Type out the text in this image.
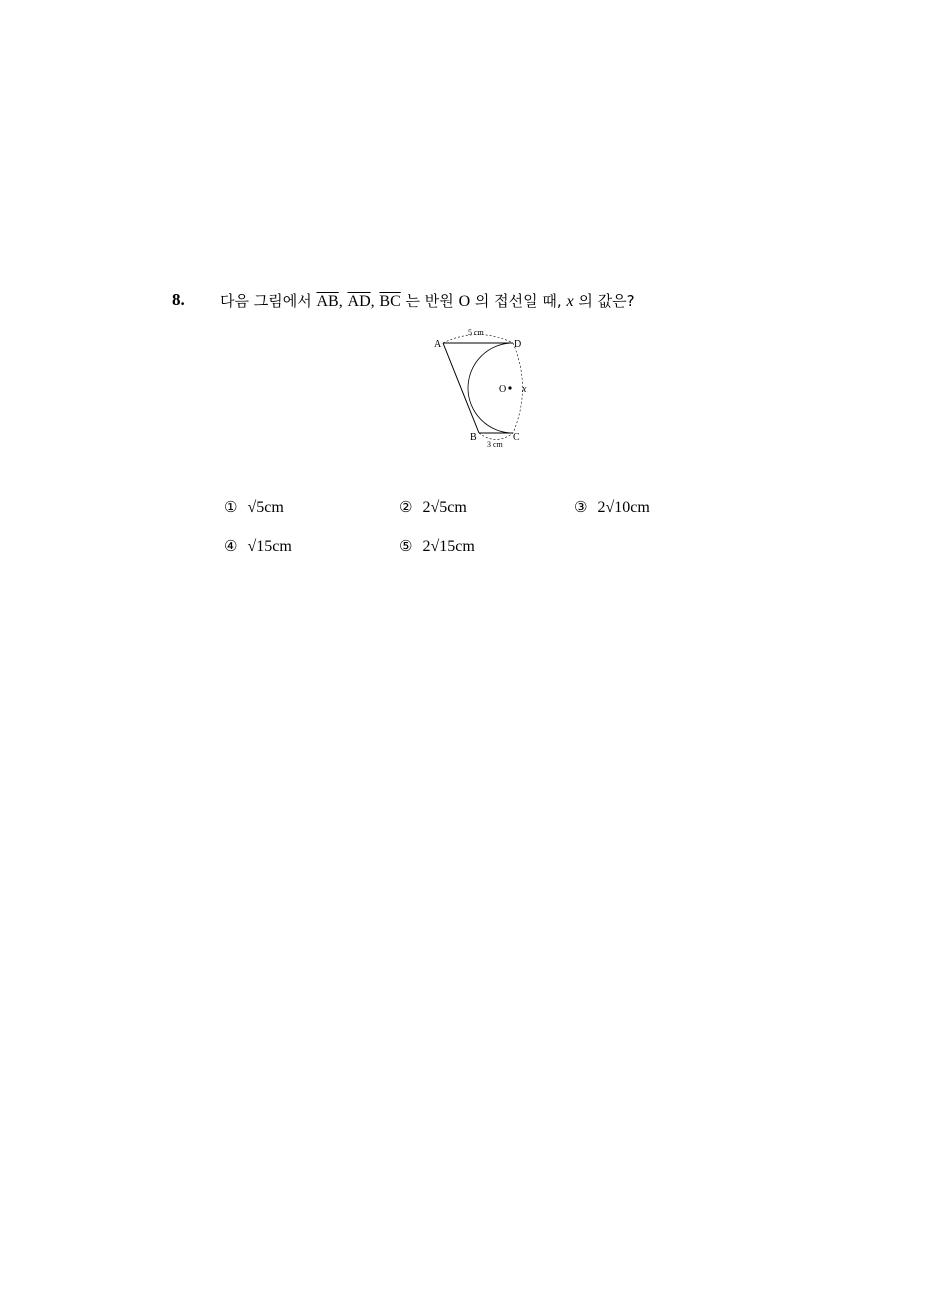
8. 다음 그림에서 $\overline{AB}$, $\overline{AD}$, $\overline{BC}$ 는 반원 O 의 접선일 때, x 의 값은?
A	D
B	C
O x
5 cm
3 cm
① √5cm	② 2√5cm	③ 2√10cm
④ √15cm	⑤ 2√15cm
